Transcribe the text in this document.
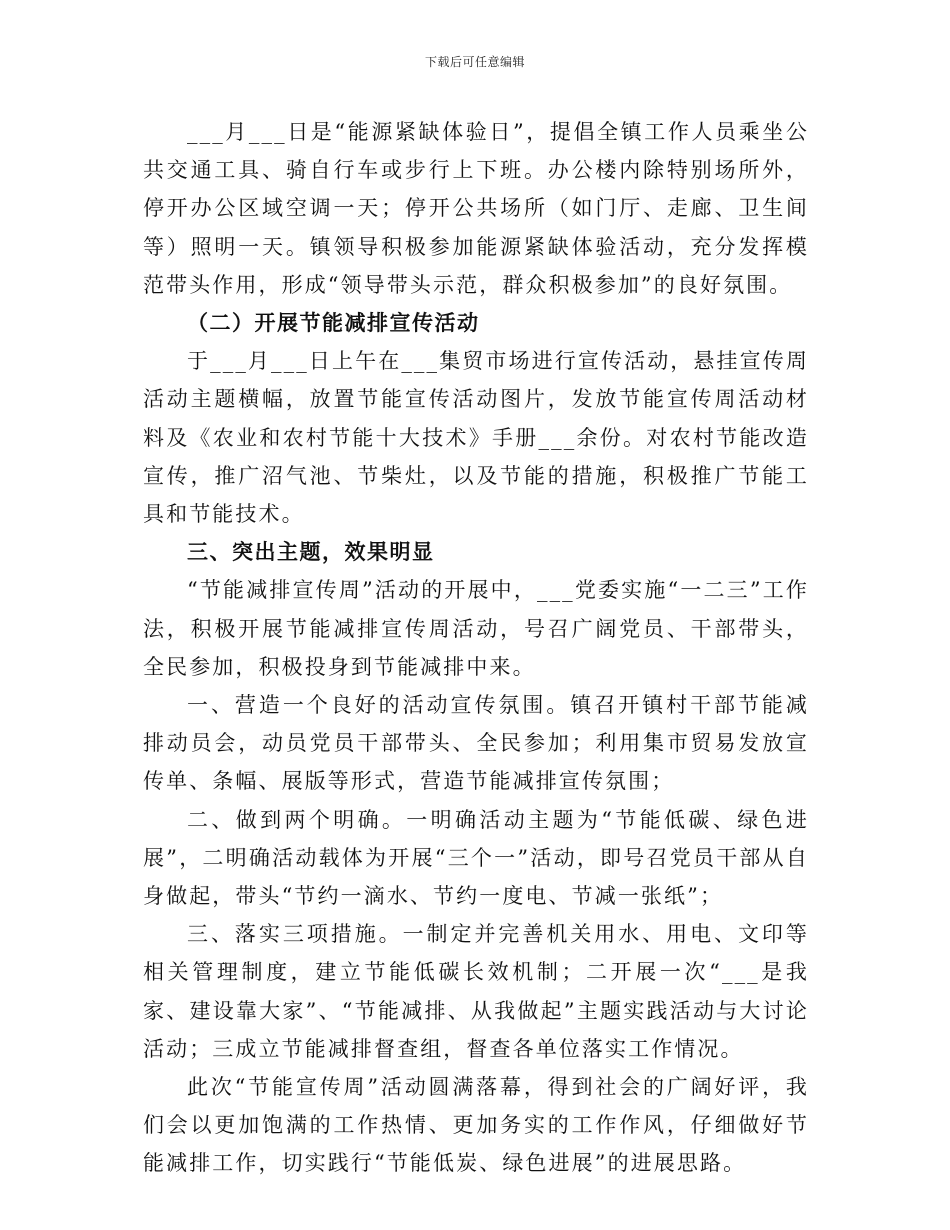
下载后可任意编辑

___月___日是“能源紧缺体验日”，提倡全镇工作人员乘坐公共交通工具、骑自行车或步行上下班。办公楼内除特别场所外，停开办公区域空调一天；停开公共场所（如门厅、走廊、卫生间等）照明一天。镇领导积极参加能源紧缺体验活动，充分发挥模范带头作用，形成“领导带头示范，群众积极参加”的良好氛围。

（二）开展节能减排宣传活动

于___月___日上午在___集贸市场进行宣传活动，悬挂宣传周活动主题横幅，放置节能宣传活动图片，发放节能宣传周活动材料及《农业和农村节能十大技术》手册___余份。对农村节能改造宣传，推广沼气池、节柴灶，以及节能的措施，积极推广节能工具和节能技术。

三、突出主题，效果明显

“节能减排宣传周”活动的开展中，___党委实施“一二三”工作法，积极开展节能减排宣传周活动，号召广阔党员、干部带头，全民参加，积极投身到节能减排中来。

一、营造一个良好的活动宣传氛围。镇召开镇村干部节能减排动员会，动员党员干部带头、全民参加；利用集市贸易发放宣传单、条幅、展版等形式，营造节能减排宣传氛围；

二、做到两个明确。一明确活动主题为“节能低碳、绿色进展”，二明确活动载体为开展“三个一”活动，即号召党员干部从自身做起，带头“节约一滴水、节约一度电、节减一张纸”；

三、落实三项措施。一制定并完善机关用水、用电、文印等相关管理制度，建立节能低碳长效机制；二开展一次“___是我家、建设靠大家”、“节能减排、从我做起”主题实践活动与大讨论活动；三成立节能减排督查组，督查各单位落实工作情况。

此次“节能宣传周”活动圆满落幕，得到社会的广阔好评，我们会以更加饱满的工作热情、更加务实的工作作风，仔细做好节能减排工作，切实践行“节能低炭、绿色进展”的进展思路。
